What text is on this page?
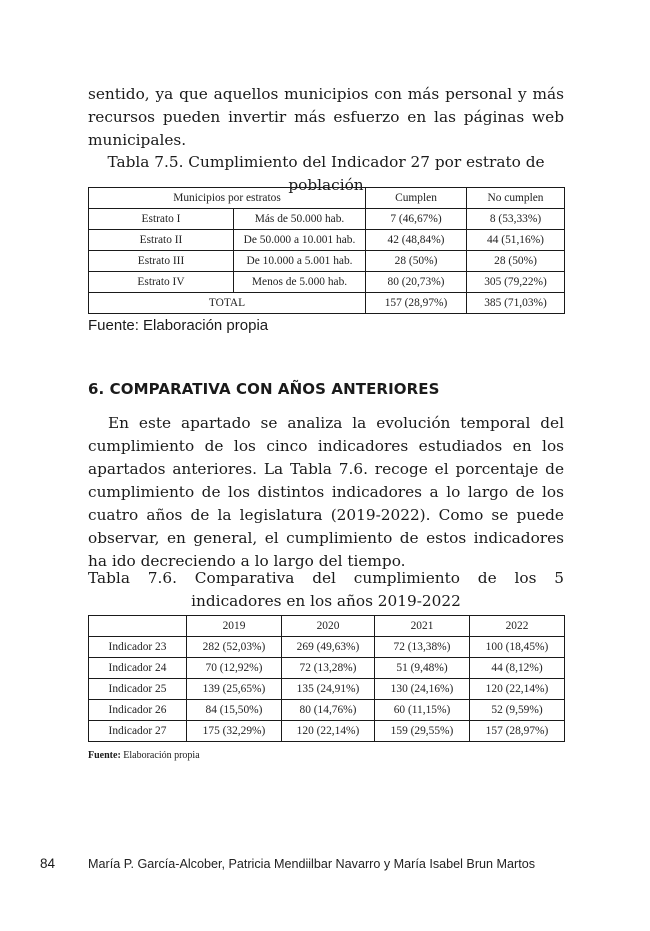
sentido, ya que aquellos municipios con más personal y más recursos pueden invertir más esfuerzo en las páginas web municipales.

Tabla 7.5. Cumplimiento del Indicador 27 por estrato de población

Municipios por estratos		Cumplen	No cumplen
Estrato I	Más de 50.000 hab.	7 (46,67%)	8 (53,33%)
Estrato II	De 50.000 a 10.001 hab.	42 (48,84%)	44 (51,16%)
Estrato III	De 10.000 a 5.001 hab.	28 (50%)	28 (50%)
Estrato IV	Menos de 5.000 hab.	80 (20,73%)	305 (79,22%)
TOTAL		157 (28,97%)	385 (71,03%)

Fuente: Elaboración propia

6. COMPARATIVA CON AÑOS ANTERIORES

En este apartado se analiza la evolución temporal del cumplimiento de los cinco indicadores estudiados en los apartados anteriores. La Tabla 7.6. recoge el porcentaje de cumplimiento de los distintos indicadores a lo largo de los cuatro años de la legislatura (2019-2022). Como se puede observar, en general, el cumplimiento de estos indicadores ha ido decreciendo a lo largo del tiempo.

Tabla 7.6. Comparativa del cumplimiento de los 5 indicadores en los años 2019-2022

	2019	2020	2021	2022
Indicador 23	282 (52,03%)	269 (49,63%)	72 (13,38%)	100 (18,45%)
Indicador 24	70 (12,92%)	72 (13,28%)	51 (9,48%)	44 (8,12%)
Indicador 25	139 (25,65%)	135 (24,91%)	130 (24,16%)	120 (22,14%)
Indicador 26	84 (15,50%)	80 (14,76%)	60 (11,15%)	52 (9,59%)
Indicador 27	175 (32,29%)	120 (22,14%)	159 (29,55%)	157 (28,97%)

Fuente: Elaboración propia

84	María P. García-Alcober, Patricia Mendiilbar Navarro y María Isabel Brun Martos
